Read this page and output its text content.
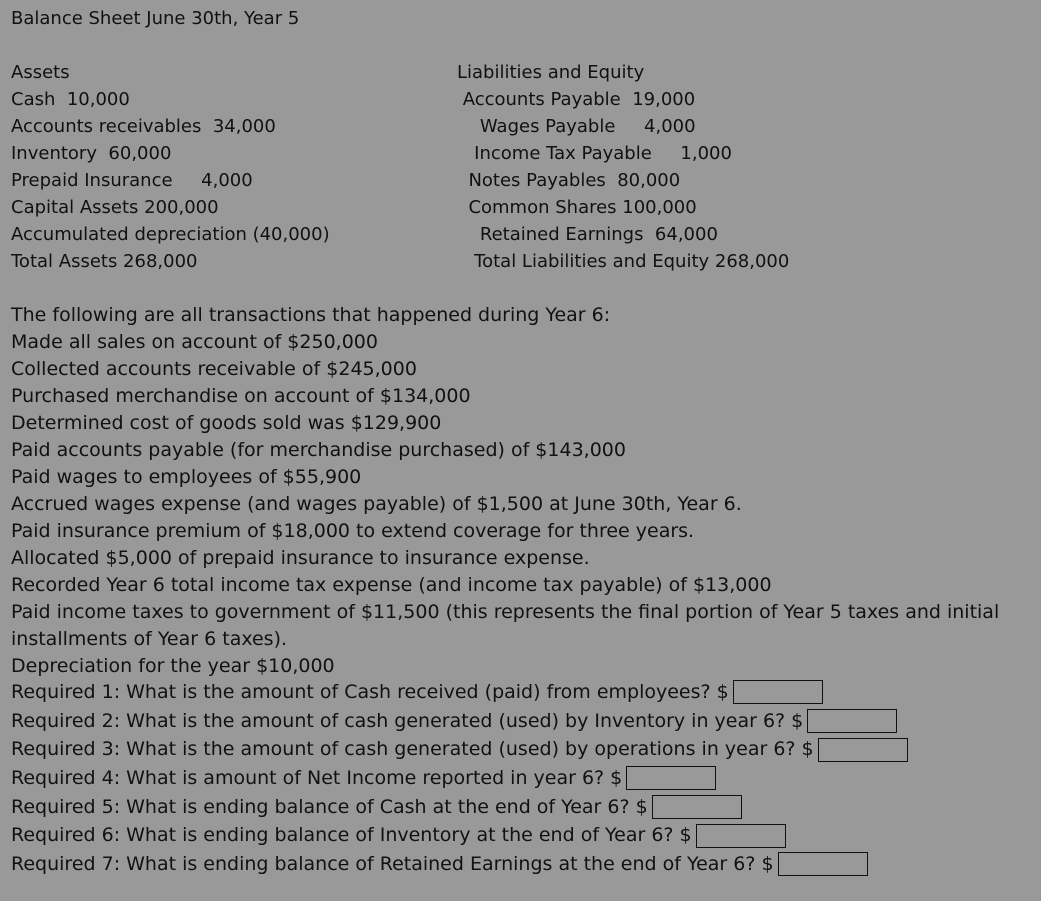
Balance Sheet June 30th, Year 5
Assets
Cash  10,000
Accounts receivables  34,000
Inventory  60,000
Prepaid Insurance     4,000
Capital Assets 200,000
Accumulated depreciation (40,000)
Total Assets 268,000
Liabilities and Equity
Accounts Payable  19,000
Wages Payable     4,000
Income Tax Payable     1,000
Notes Payables  80,000
Common Shares 100,000
Retained Earnings  64,000
Total Liabilities and Equity 268,000
The following are all transactions that happened during Year 6:
Made all sales on account of $250,000
Collected accounts receivable of $245,000
Purchased merchandise on account of $134,000
Determined cost of goods sold was $129,900
Paid accounts payable (for merchandise purchased) of $143,000
Paid wages to employees of $55,900
Accrued wages expense (and wages payable) of $1,500 at June 30th, Year 6.
Paid insurance premium of $18,000 to extend coverage for three years.
Allocated $5,000 of prepaid insurance to insurance expense.
Recorded Year 6 total income tax expense (and income tax payable) of $13,000
Paid income taxes to government of $11,500 (this represents the final portion of Year 5 taxes and initial installments of Year 6 taxes).
Depreciation for the year $10,000
Required 1: What is the amount of Cash received (paid) from employees? $
Required 2: What is the amount of cash generated (used) by Inventory in year 6? $
Required 3: What is the amount of cash generated (used) by operations in year 6? $
Required 4: What is amount of Net Income reported in year 6? $
Required 5: What is ending balance of Cash at the end of Year 6? $
Required 6: What is ending balance of Inventory at the end of Year 6? $
Required 7: What is ending balance of Retained Earnings at the end of Year 6? $
